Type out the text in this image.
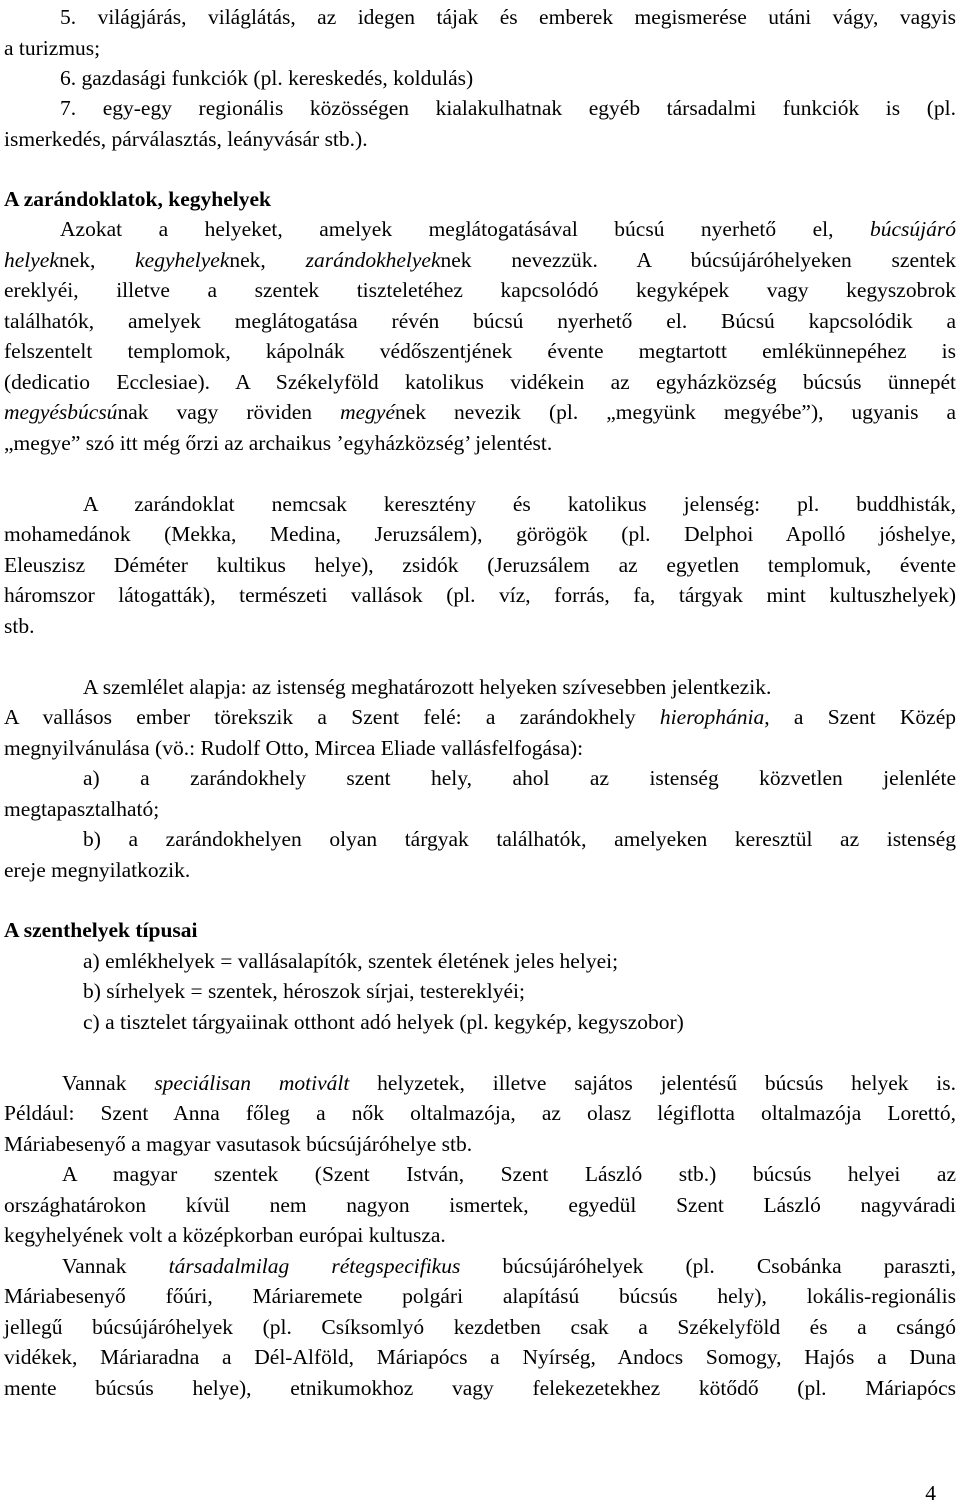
5. világjárás, világlátás, az idegen tájak és emberek megismerése utáni vágy, vagyis
a turizmus;
6. gazdasági funkciók (pl. kereskedés, koldulás)
7. egy-egy regionális közösségen kialakulhatnak egyéb társadalmi funkciók is (pl.
ismerkedés, párválasztás, leányvásár stb.).
A zarándoklatok, kegyhelyek
Azokat a helyeket, amelyek meglátogatásával búcsú nyerhető el, búcsújáró
helyeknek, kegyhelyeknek, zarándokhelyeknek nevezzük. A búcsújáróhelyeken szentek
ereklyéi, illetve a szentek tiszteletéhez kapcsolódó kegyképek vagy kegyszobrok
találhatók, amelyek meglátogatása révén búcsú nyerhető el. Búcsú kapcsolódik a
felszentelt templomok, kápolnák védőszentjének évente megtartott emlékünnepéhez is
(dedicatio Ecclesiae). A Székelyföld katolikus vidékein az egyházközség búcsús ünnepét
megyésbúcsúnak vagy röviden megyének nevezik (pl. „megyünk megyébe”), ugyanis a
„megye” szó itt még őrzi az archaikus ’egyházközség’ jelentést.
A zarándoklat nemcsak keresztény és katolikus jelenség: pl. buddhisták,
mohamedánok (Mekka, Medina, Jeruzsálem), görögök (pl. Delphoi Apolló jóshelye,
Eleuszisz Déméter kultikus helye), zsidók (Jeruzsálem az egyetlen templomuk, évente
háromszor látogatták), természeti vallások (pl. víz, forrás, fa, tárgyak mint kultuszhelyek)
stb.
A szemlélet alapja: az istenség meghatározott helyeken szívesebben jelentkezik.
A vallásos ember törekszik a Szent felé: a zarándokhely hierophánia, a Szent Közép
megnyilvánulása (vö.: Rudolf Otto, Mircea Eliade vallásfelfogása):
a) a zarándokhely szent hely, ahol az istenség közvetlen jelenléte
megtapasztalható;
b) a zarándokhelyen olyan tárgyak találhatók, amelyeken keresztül az istenség
ereje megnyilatkozik.
A szenthelyek típusai
a) emlékhelyek = vallásalapítók, szentek életének jeles helyei;
b) sírhelyek = szentek, héroszok sírjai, testereklyéi;
c) a tisztelet tárgyaiinak otthont adó helyek (pl. kegykép, kegyszobor)
Vannak speciálisan motivált helyzetek, illetve sajátos jelentésű búcsús helyek is.
Például: Szent Anna főleg a nők oltalmazója, az olasz légiflotta oltalmazója Lorettó,
Máriabesenyő a magyar vasutasok búcsújáróhelye stb.
A magyar szentek (Szent István, Szent László stb.) búcsús helyei az
országhatárokon kívül nem nagyon ismertek, egyedül Szent László nagyváradi
kegyhelyének volt a középkorban európai kultusza.
Vannak társadalmilag rétegspecifikus búcsújáróhelyek (pl. Csobánka paraszti,
Máriabesenyő főúri, Máriaremete polgári alapítású búcsús hely), lokális-regionális
jellegű búcsújáróhelyek (pl. Csíksomlyó kezdetben csak a Székelyföld és a csángó
vidékek, Máriaradna a Dél-Alföld, Máriapócs a Nyírség, Andocs Somogy, Hajós a Duna
mente búcsús helye), etnikumokhoz vagy felekezetekhez kötődő (pl. Máriapócs
4
